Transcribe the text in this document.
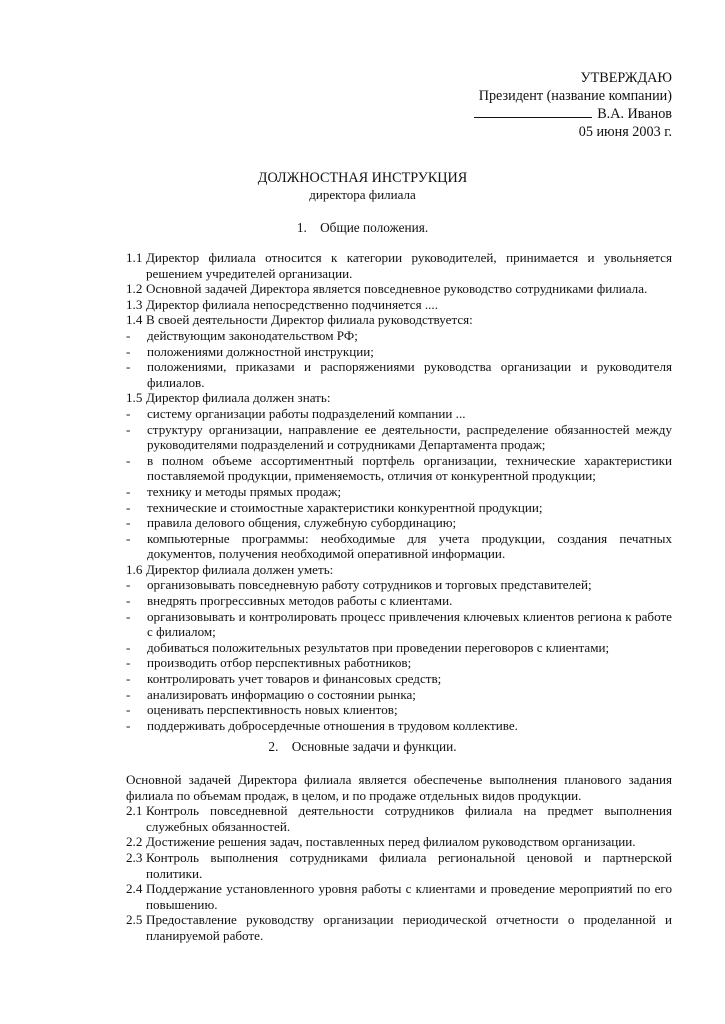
УТВЕРЖДАЮ
Президент (название компании)
В.А. Иванов
05 июня 2003 г.
ДОЛЖНОСТНАЯ ИНСТРУКЦИЯ
директора филиала
1. Общие положения.
1.1 Директор филиала относится к категории руководителей, принимается и увольняется решением учредителей организации.
1.2 Основной задачей Директора является повседневное руководство сотрудниками филиала.
1.3 Директор филиала непосредственно подчиняется ....
1.4 В своей деятельности Директор филиала руководствуется:
-	действующим законодательством РФ;
-	положениями должностной инструкции;
-	положениями, приказами и распоряжениями руководства организации и руководителя филиалов.
1.5 Директор филиала должен знать:
-	систему организации работы подразделений компании ...
-	структуру организации, направление ее деятельности, распределение обязанностей между руководителями подразделений и сотрудниками Департамента продаж;
-	в полном объеме ассортиментный портфель организации, технические характеристики поставляемой продукции, применяемость, отличия от конкурентной продукции;
-	технику и методы прямых продаж;
-	технические и стоимостные характеристики конкурентной продукции;
-	правила делового общения, служебную субординацию;
-	компьютерные программы: необходимые для учета продукции, создания печатных документов, получения необходимой оперативной информации.
1.6 Директор филиала должен уметь:
-	организовывать повседневную работу сотрудников и торговых представителей;
-	внедрять прогрессивных методов работы с клиентами.
-	организовывать и контролировать процесс привлечения ключевых клиентов региона к работе с филиалом;
-	добиваться положительных результатов при проведении переговоров с клиентами;
-	производить отбор перспективных работников;
-	контролировать учет товаров и финансовых средств;
-	анализировать информацию о состоянии рынка;
-	оценивать перспективность новых клиентов;
-	поддерживать добросердечные отношения в трудовом коллективе.
2. Основные задачи и функции.
Основной задачей Директора филиала является обеспеченье выполнения планового задания филиала по объемам продаж, в целом, и по продаже отдельных видов продукции.
2.1 Контроль повседневной деятельности сотрудников филиала на предмет выполнения служебных обязанностей.
2.2 Достижение решения задач, поставленных перед филиалом руководством организации.
2.3 Контроль выполнения сотрудниками филиала региональной ценовой и партнерской политики.
2.4 Поддержание установленного уровня работы с клиентами и проведение мероприятий по его повышению.
2.5 Предоставление руководству организации периодической отчетности о проделанной и планируемой работе.
